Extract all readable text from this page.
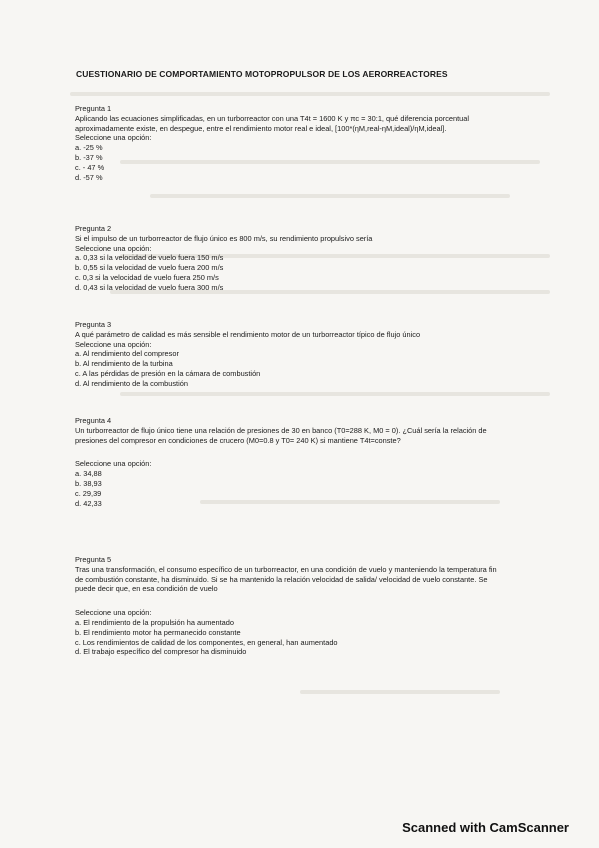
CUESTIONARIO DE COMPORTAMIENTO MOTOPROPULSOR DE LOS AERORREACTORES
Pregunta 1
Aplicando las ecuaciones simplificadas, en un turborreactor con una T4t = 1600 K y πc = 30:1, qué diferencia porcentual aproximadamente existe, en despegue, entre el rendimiento motor real e ideal, [100*(ηM,real-ηM,ideal)/ηM,ideal].
Seleccione una opción:
a. -25 %
b. -37 %
c. - 47 %
d. -57 %
Pregunta 2
Si el impulso de un turborreactor de flujo único es 800 m/s, su rendimiento propulsivo sería
Seleccione una opción:
a. 0,33 si la velocidad de vuelo fuera 150 m/s
b. 0,55 si la velocidad de vuelo fuera 200 m/s
c. 0,3 si la velocidad de vuelo fuera 250 m/s
d. 0,43 si la velocidad de vuelo fuera 300 m/s
Pregunta 3
A qué parámetro de calidad es más sensible el rendimiento motor de un turborreactor típico de flujo único
Seleccione una opción:
a. Al rendimiento del compresor
b. Al rendimiento de la turbina
c. A las pérdidas de presión en la cámara de combustión
d. Al rendimiento de la combustión
Pregunta 4
Un turborreactor de flujo único tiene una relación de presiones de 30 en banco (T0=288 K, M0 = 0). ¿Cuál sería la relación de presiones del compresor en condiciones de crucero (M0=0.8 y T0= 240 K) si mantiene T4t=conste?
Seleccione una opción:
a. 34,88
b. 38,93
c. 29,39
d. 42,33
Pregunta 5
Tras una transformación, el consumo específico de un turborreactor, en una condición de vuelo y manteniendo la temperatura fin de combustión constante, ha disminuido. Si se ha mantenido la relación velocidad de salida/ velocidad de vuelo constante. Se puede decir que, en esa condición de vuelo
Seleccione una opción:
a. El rendimiento de la propulsión ha aumentado
b. El rendimiento motor ha permanecido constante
c. Los rendimientos de calidad de los componentes, en general, han aumentado
d. El trabajo específico del compresor ha disminuido
Scanned with CamScanner
